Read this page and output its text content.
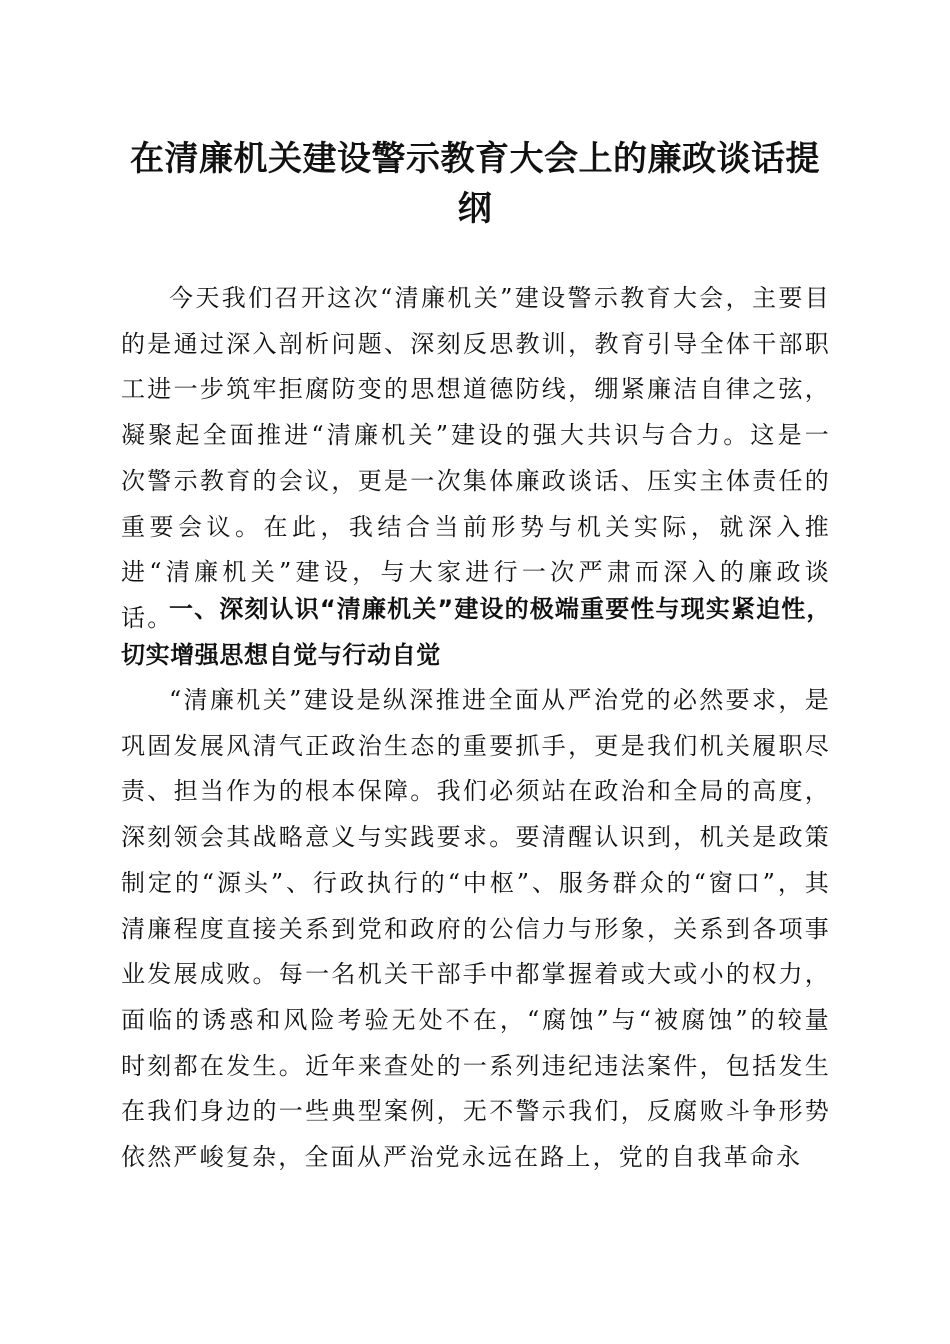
在清廉机关建设警示教育大会上的廉政谈话提纲

今天我们召开这次“清廉机关”建设警示教育大会，主要目的是通过深入剖析问题、深刻反思教训，教育引导全体干部职工进一步筑牢拒腐防变的思想道德防线，绷紧廉洁自律之弦，凝聚起全面推进“清廉机关”建设的强大共识与合力。这是一次警示教育的会议，更是一次集体廉政谈话、压实主体责任的重要会议。在此，我结合当前形势与机关实际，就深入推进“清廉机关”建设，与大家进行一次严肃而深入的廉政谈话。

一、深刻认识“清廉机关”建设的极端重要性与现实紧迫性，切实增强思想自觉与行动自觉

“清廉机关”建设是纵深推进全面从严治党的必然要求，是巩固发展风清气正政治生态的重要抓手，更是我们机关履职尽责、担当作为的根本保障。我们必须站在政治和全局的高度，深刻领会其战略意义与实践要求。要清醒认识到，机关是政策制定的“源头”、行政执行的“中枢”、服务群众的“窗口”，其清廉程度直接关系到党和政府的公信力与形象，关系到各项事业发展成败。每一名机关干部手中都掌握着或大或小的权力，面临的诱惑和风险考验无处不在，“腐蚀”与“被腐蚀”的较量时刻都在发生。近年来查处的一系列违纪违法案件，包括发生在我们身边的一些典型案例，无不警示我们，反腐败斗争形势依然严峻复杂，全面从严治党永远在路上，党的自我革命永
